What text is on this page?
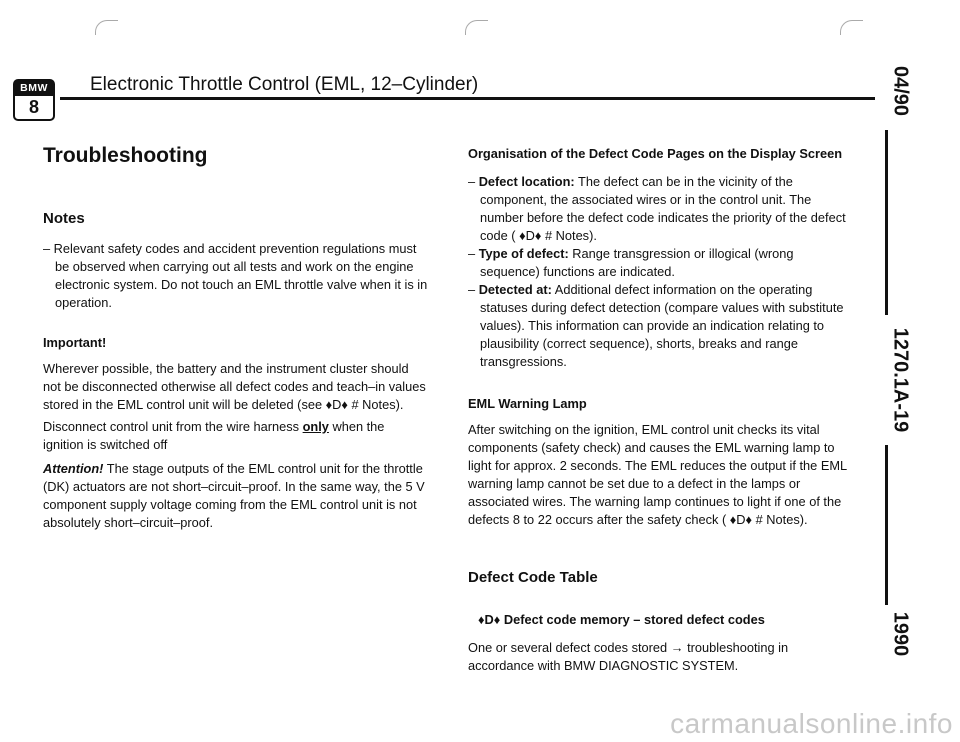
BMW
8
Electronic Throttle Control (EML, 12–Cylinder)	04/90
1270.1A-19
1990
Troubleshooting
Notes

– Relevant safety codes and accident prevention regulations must be observed when carrying out all tests and work on the engine electronic system. Do not touch an EML throttle valve when it is in operation.

Important!

Wherever possible, the battery and the instrument cluster should not be disconnected otherwise all defect codes and teach–in values stored in the EML control unit will be deleted (see ♦D♦ # Notes).

Disconnect control unit from the wire harness only when the ignition is switched off

Attention! The stage outputs of the EML control unit for the throttle (DK) actuators are not short–circuit–proof. In the same way, the 5 V component supply voltage coming from the EML control unit is not absolutely short–circuit–proof.

Organisation of the Defect Code Pages on the Display Screen

– Defect location: The defect can be in the vicinity of the component, the associated wires or in the control unit. The number before the defect code indicates the priority of the defect code ( ♦D♦ # Notes).

– Type of defect: Range transgression or illogical (wrong sequence) functions are indicated.

– Detected at: Additional defect information on the operating statuses during defect detection (compare values with substitute values). This information can provide an indication relating to plausibility (correct sequence), shorts, breaks and range transgressions.

EML Warning Lamp

After switching on the ignition, EML control unit checks its vital components (safety check) and causes the EML warning lamp to light for approx. 2 seconds. The EML reduces the output if the EML warning lamp cannot be set due to a defect in the lamps or associated wires. The warning lamp continues to light if one of the defects 8 to 22 occurs after the safety check ( ♦D♦ # Notes).

Defect Code Table

♦D♦ Defect code memory – stored defect codes

One or several defect codes stored → troubleshooting in accordance with BMW DIAGNOSTIC SYSTEM.

carmanualsonline.info
